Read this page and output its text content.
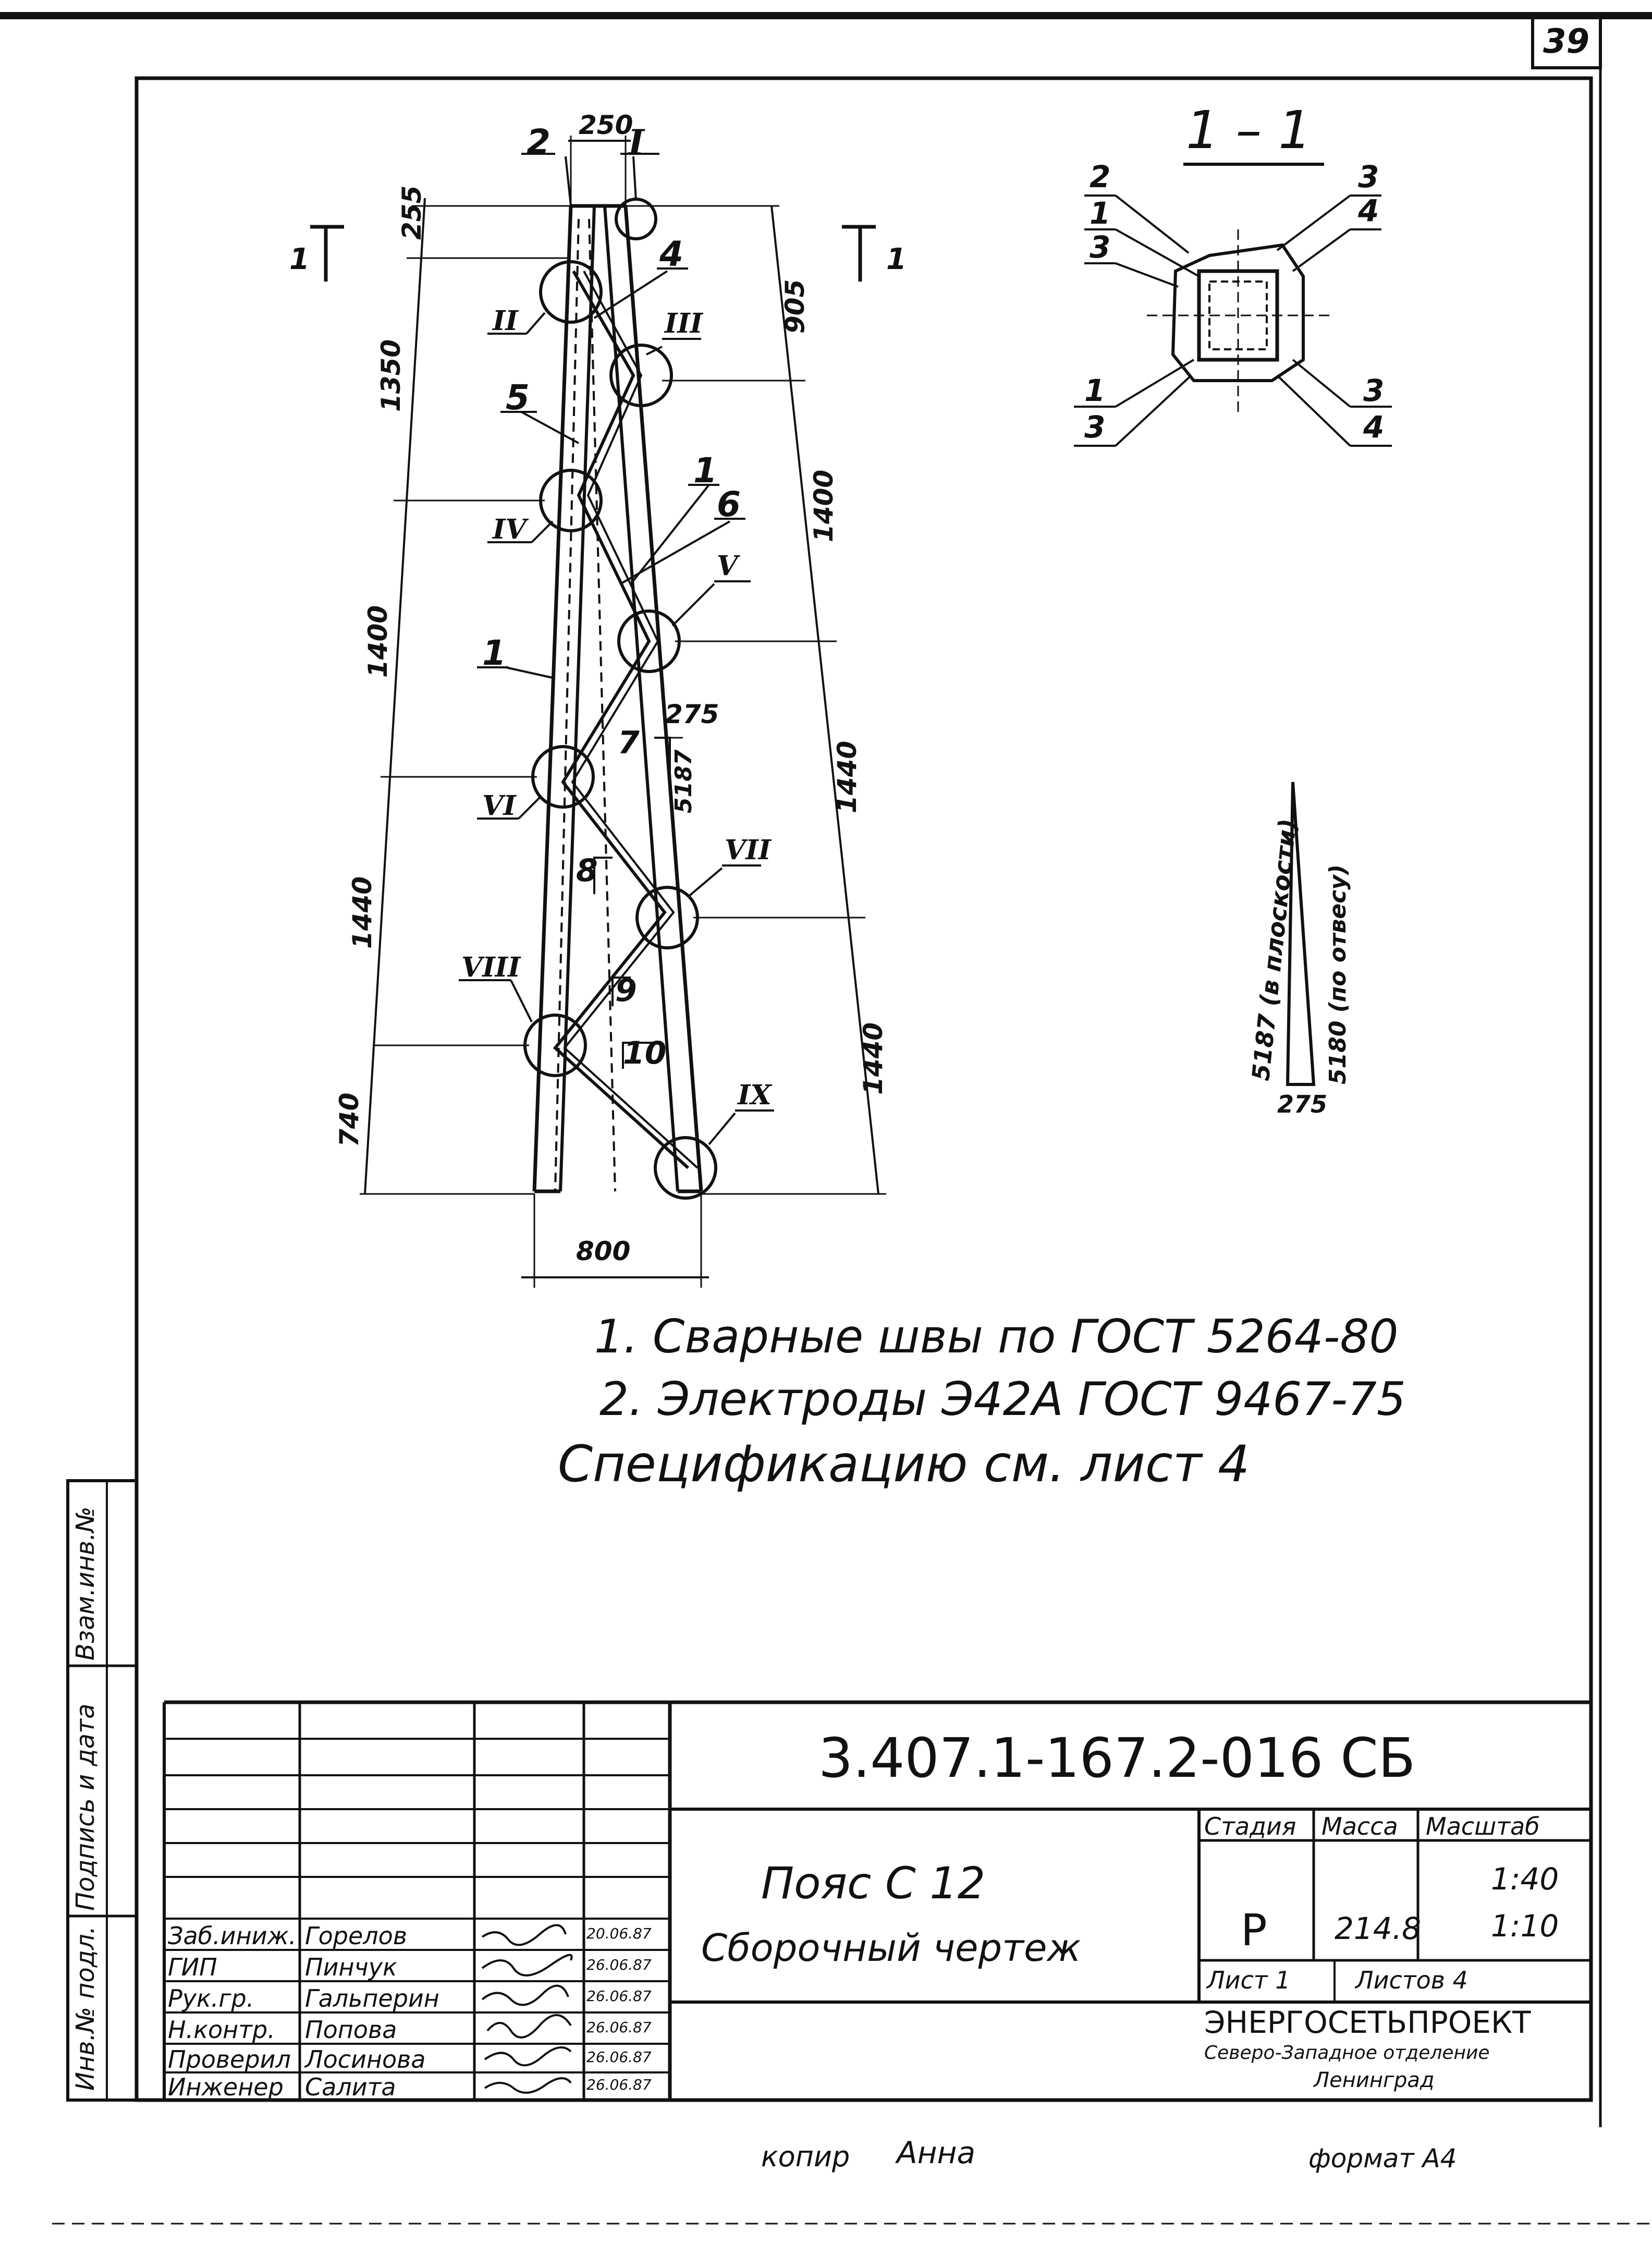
39
1	1
250
2 I
4
II	III
5
1
6
IV
V
1
275
7
5187
VI
8
VII
VIII
9
10
IX
800
255
1350
1400
1440
740
905
1400
1440
1440
1 – 1
2
1
3
1
3
3
4
3
4
5187 (в плоскости) 5180 (по отвесу)
275
1. Сварные швы по ГОСТ 5264-80
2. Электроды Э42А ГОСТ 9467-75
Спецификацию см. лист 4
Инв.№ подл.
Подпись и дата
Взам.инв.№
3.407.1-167.2-016 СБ
Пояс С 12
Сборочный чертеж
Стадия Масса Масштаб
Р 214.8
1:40
1:10
Лист 1	Листов 4
ЭНЕРГОСЕТЬПРОЕКТ
Северо-Западное отделение
Ленинград
Заб.иниж. Горелов	20.06.87
ГИП	Пинчук	26.06.87
Рук.гр. Гальперин	26.06.87
Н.контр. Попова	26.06.87
Проверил Лосинова	26.06.87
Инженер Салита	26.06.87
копир Анна	формат А4
